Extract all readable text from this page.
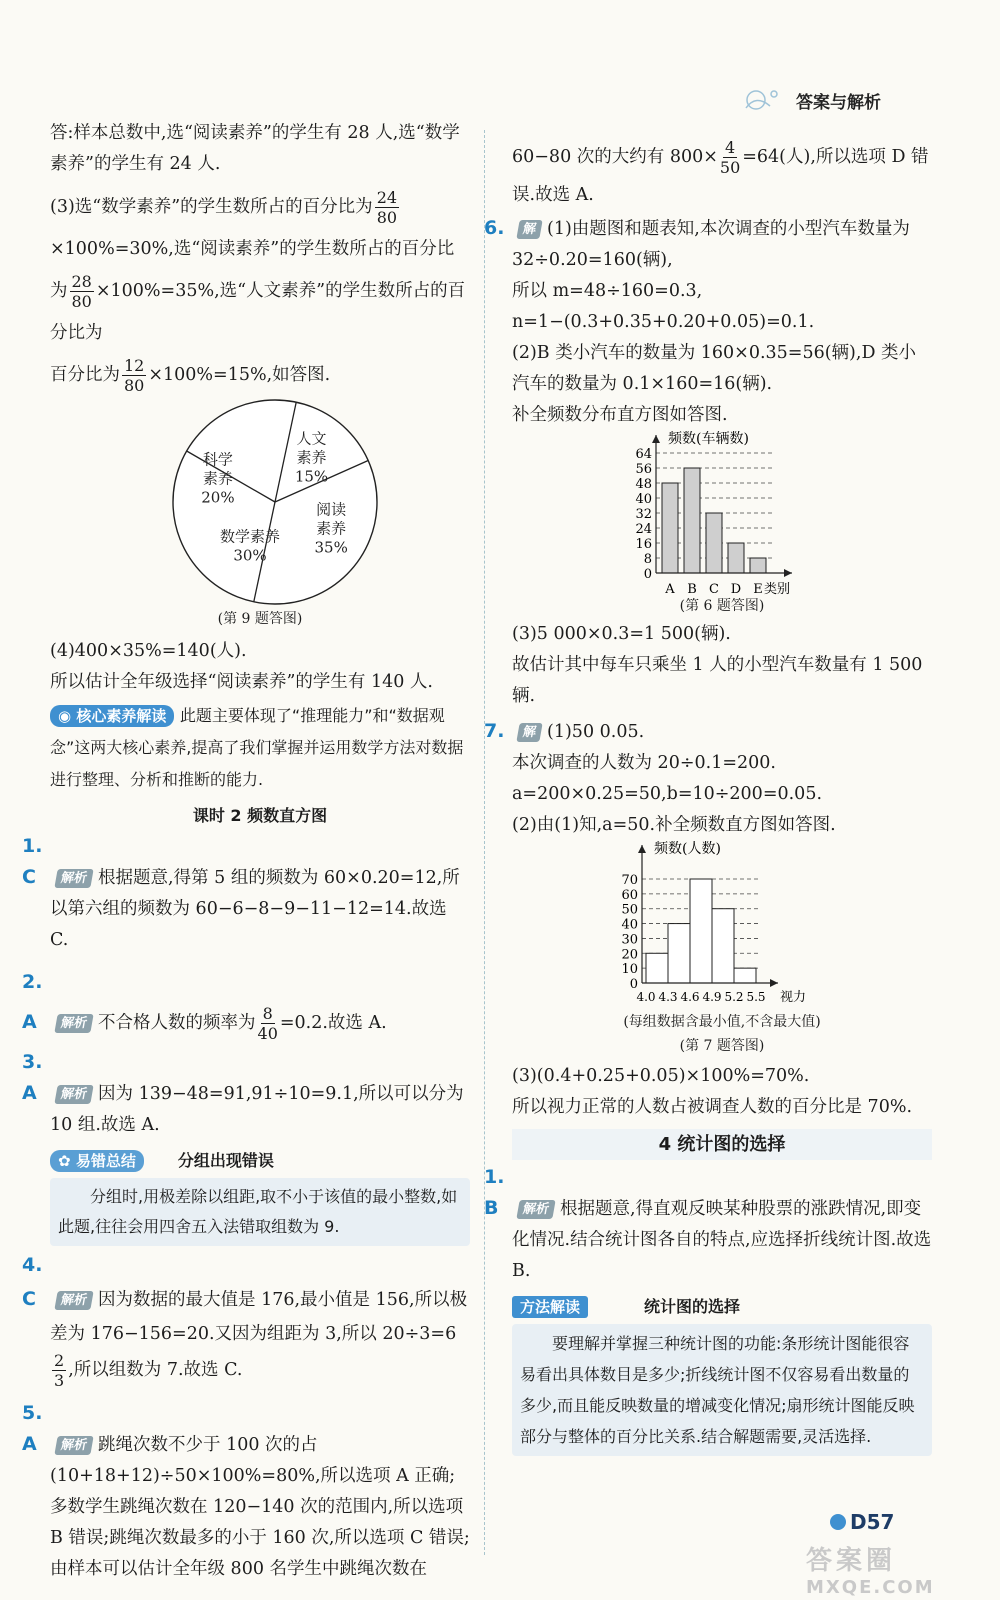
答案与解析

答:样本总数中,选“阅读素养”的学生有 28 人,选“数学素养”的学生有 24 人.

(3)选“数学素养”的学生数所占的百分比为 $\frac{24}{80}$
×100%=30%,选“阅读素养”的学生数所占的百分比为 $\frac{28}{80} \times 100\%=35\%$,选“人文素养”的学生数所占的百分比为
百分比为 $\frac{12}{80} \times 100\%=15\%$,如答图.

人文
素养
15%
阅读
素养
35%
数学素养
30%
科学
素养
20%
(第 9 题答图)

(4)400×35%=140(人).

所以估计全年级选择“阅读素养”的学生有 140 人.

◉ 核心素养解读 此题主要体现了“推理能力”和“数据观念”这两大核心素养,提高了我们掌握并运用数学方法对数据进行整理、分析和推断的能力.

课时 2 频数直方图

1. C 解析 根据题意,得第 5 组的频数为 60×0.20=12,所以第六组的频数为 60−6−8−9−11−12=14.故选 C.

2. A 解析 不合格人数的频率为 $\frac{8}{40} =0.2$.故选 A.

3. A 解析 因为 139−48=91,91÷10=9.1,所以可以分为 10 组.故选 A.

✿ 易错总结	分组出现错误
分组时,用极差除以组距,取不小于该值的最小整数,如此题,往往会用四舍五入法错取组数为 9.

4. C 解析 因为数据的最大值是 176,最小值是 156,所以极差为 176−156=20.又因为组距为 3,所以 20÷3=6
$\frac{2}{3}$ ,所以组数为 7.故选 C.

5. A 解析 跳绳次数不少于 100 次的占(10+18+12)÷50×100%=80%,所以选项 A 正确;多数学生跳绳次数在 120−140 次的范围内,所以选项 B 错误;跳绳次数最多的小于 160 次,所以选项 C 错误;由样本可以估计全年级 800 名学生中跳绳次数在

60−80 次的大约有 $800\times \frac{4}{50} =64$(人),所以选项 D 错误.故选 A.

6. 解 (1)由题图和题表知,本次调查的小型汽车数量为 32÷0.20=160(辆),

所以 m=48÷160=0.3,

n=1−(0.3+0.35+0.20+0.05)=0.1.

(2)B 类小汽车的数量为 160×0.35=56(辆),D 类小汽车的数量为 0.1×160=16(辆).

补全频数分布直方图如答图.

0
8
16
24
32
40
48
56
64
频数(车辆数)
A B C D E 类别
(第 6 题答图)

(3)5 000×0.3=1 500(辆).

故估计其中每车只乘坐 1 人的小型汽车数量有 1 500 辆.

7. 解 (1)50 0.05.

本次调查的人数为 20÷0.1=200.

a=200×0.25=50,b=10÷200=0.05.

(2)由(1)知,a=50.补全频数直方图如答图.

0
10
20
30
40
50
60
70
频数(人数)
4.0 4.3 4.6 4.9 5.2 5.5 视力
(每组数据含最小值,不含最大值)
(第 7 题答图)

(3)(0.4+0.25+0.05)×100%=70%.

所以视力正常的人数占被调查人数的百分比是 70%.

4 统计图的选择

1. B 解析 根据题意,得直观反映某种股票的涨跌情况,即变化情况.结合统计图各自的特点,应选择折线统计图.故选 B.

方法解读	统计图的选择
要理解并掌握三种统计图的功能:条形统计图能很容易看出具体数目是多少;折线统计图不仅容易看出数量的多少,而且能反映数量的增减变化情况;扇形统计图能反映部分与整体的百分比关系.结合解题需要,灵活选择.
D57
答案圈
MXQE.COM
